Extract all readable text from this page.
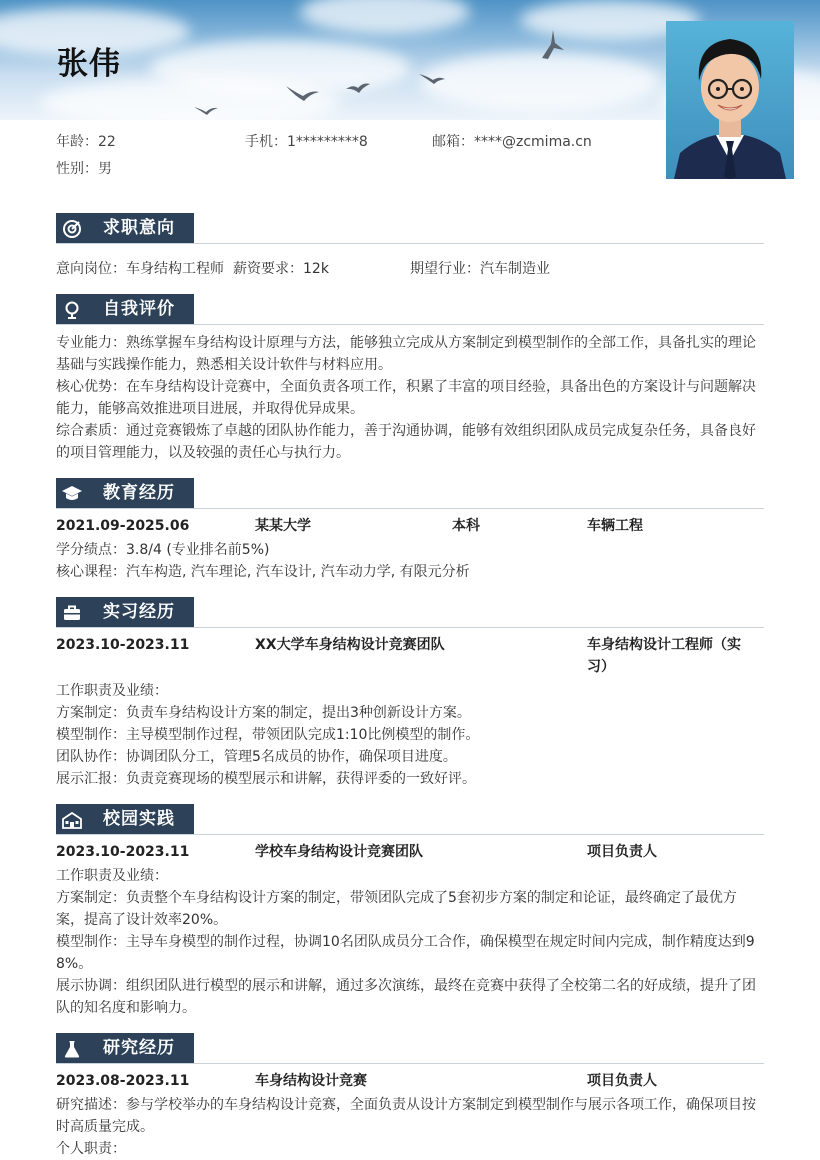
张伟
年龄：22	手机：1*********8	邮箱：****@zcmima.cn
性别：男
求职意向
意向岗位：车身结构工程师 薪资要求：12k	期望行业：汽车制造业
自我评价
专业能力：熟练掌握车身结构设计原理与方法，能够独立完成从方案制定到模型制作的全部工作，具备扎实的理论
基础与实践操作能力，熟悉相关设计软件与材料应用。
核心优势：在车身结构设计竞赛中，全面负责各项工作，积累了丰富的项目经验，具备出色的方案设计与问题解决
能力，能够高效推进项目进展，并取得优异成果。
综合素质：通过竞赛锻炼了卓越的团队协作能力，善于沟通协调，能够有效组织团队成员完成复杂任务，具备良好
的项目管理能力，以及较强的责任心与执行力。
教育经历
2021.09-2025.06	某某大学	本科	车辆工程
学分绩点：3.8/4 (专业排名前5%)
核心课程：汽车构造, 汽车理论, 汽车设计, 汽车动力学, 有限元分析
实习经历
2023.10-2023.11	XX大学车身结构设计竞赛团队	车身结构设计工程师（实
习）
工作职责及业绩：
方案制定：负责车身结构设计方案的制定，提出3种创新设计方案。
模型制作：主导模型制作过程，带领团队完成1:10比例模型的制作。
团队协作：协调团队分工，管理5名成员的协作，确保项目进度。
展示汇报：负责竞赛现场的模型展示和讲解，获得评委的一致好评。
校园实践
2023.10-2023.11	学校车身结构设计竞赛团队	项目负责人
工作职责及业绩：
方案制定：负责整个车身结构设计方案的制定，带领团队完成了5套初步方案的制定和论证，最终确定了最优方
案，提高了设计效率20%。
模型制作：主导车身模型的制作过程，协调10名团队成员分工合作，确保模型在规定时间内完成，制作精度达到9
8%。
展示协调：组织团队进行模型的展示和讲解，通过多次演练，最终在竞赛中获得了全校第二名的好成绩，提升了团
队的知名度和影响力。
研究经历
2023.08-2023.11	车身结构设计竞赛	项目负责人
研究描述：参与学校举办的车身结构设计竞赛，全面负责从设计方案制定到模型制作与展示各项工作，确保项目按
时高质量完成。
个人职责：
